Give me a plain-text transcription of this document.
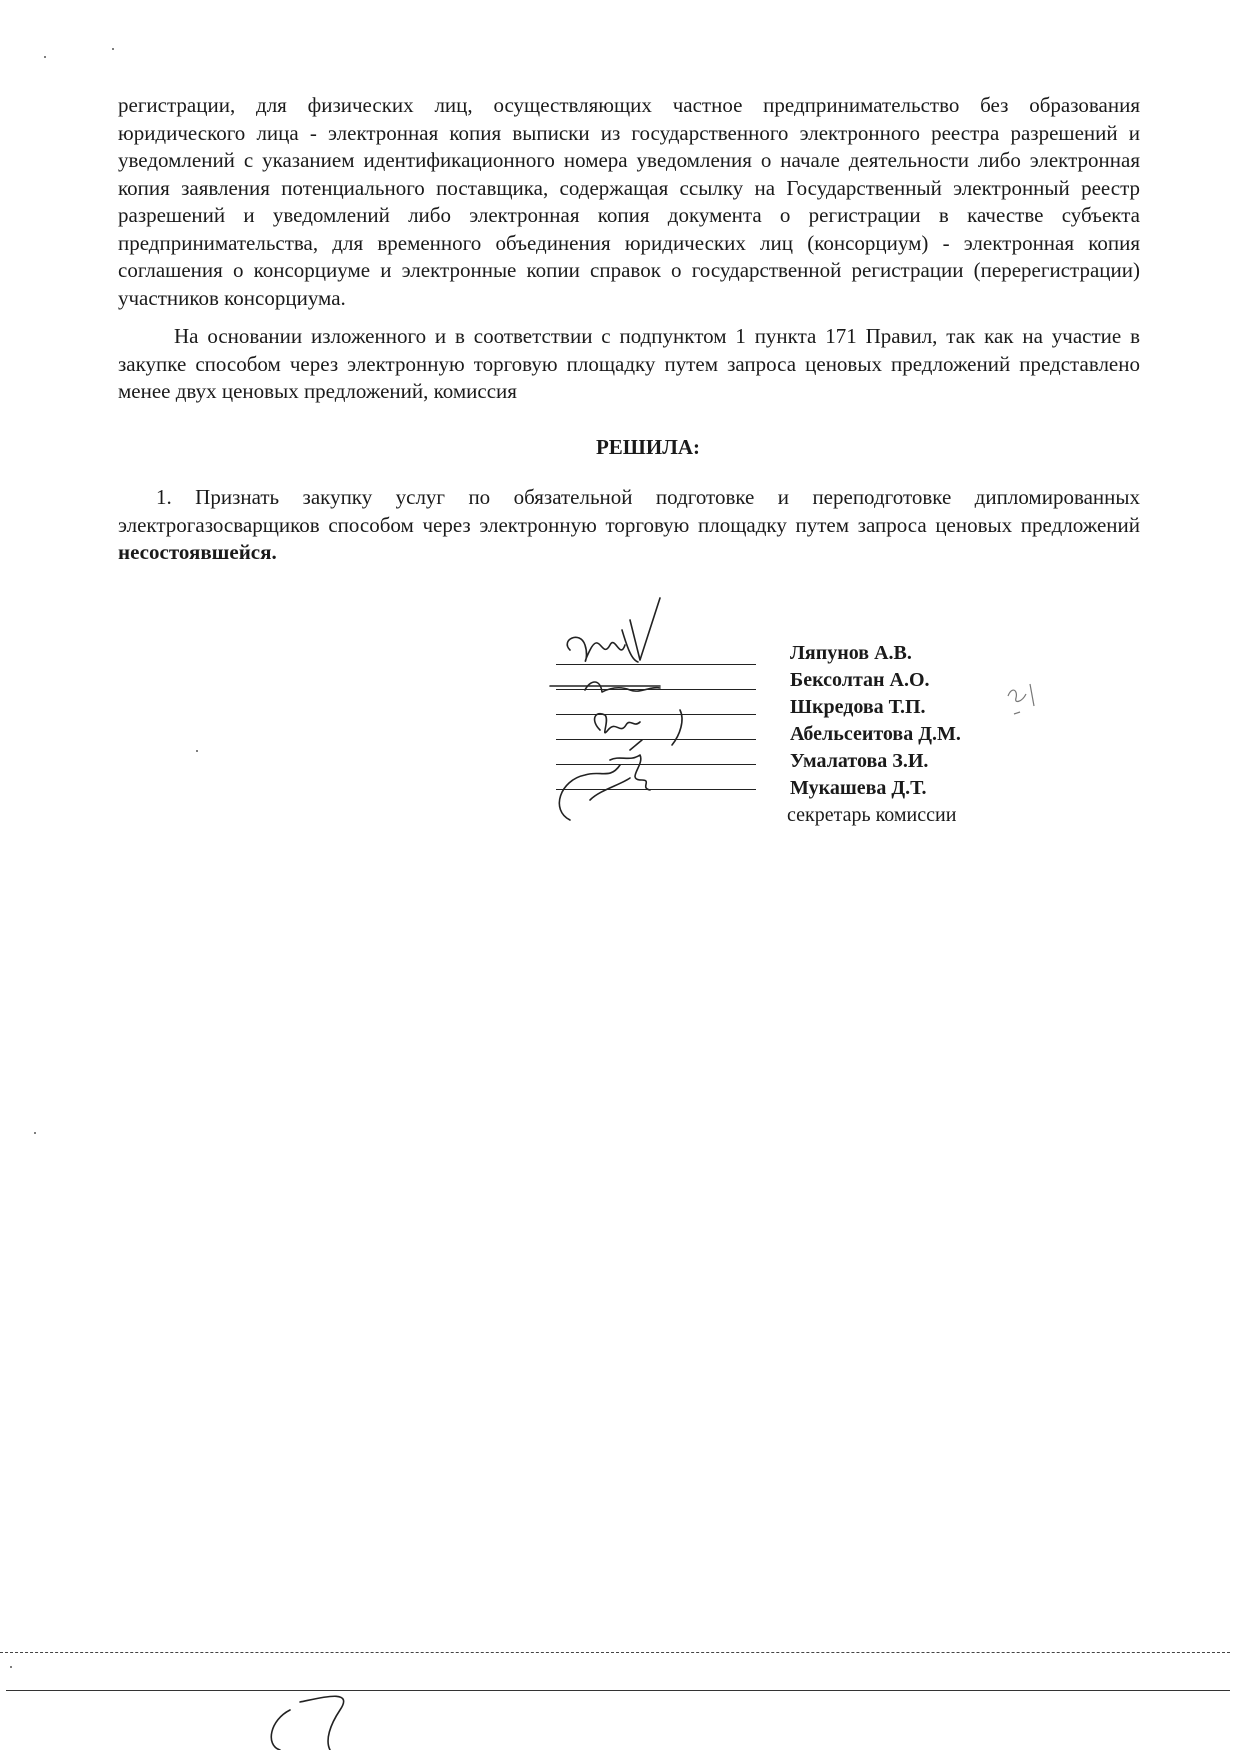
регистрации, для физических лиц, осуществляющих частное предпринимательство без образования юридического лица - электронная копия выписки из государственного электронного реестра разрешений и уведомлений с указанием идентификационного номера уведомления о начале деятельности либо электронная копия заявления потенциального поставщика, содержащая ссылку на Государственный электронный реестр разрешений и уведомлений либо электронная копия документа о регистрации в качестве субъекта предпринимательства, для временного объединения юридических лиц (консорциум) - электронная копия соглашения о консорциуме и электронные копии справок о государственной регистрации (перерегистрации) участников консорциума.

На основании изложенного и в соответствии с подпунктом 1 пункта 171 Правил, так как на участие в закупке способом через электронную торговую площадку путем запроса ценовых предложений представлено менее двух ценовых предложений, комиссия

РЕШИЛА:

1. Признать закупку услуг по обязательной подготовке и переподготовке дипломированных электрогазосварщиков способом через электронную торговую площадку путем запроса ценовых предложений несостоявшейся.

Ляпунов А.В.
Бексолтан А.О.
Шкредова Т.П.
Абельсеитова Д.М.
Умалатова З.И.
Мукашева Д.Т.
секретарь комиссии
